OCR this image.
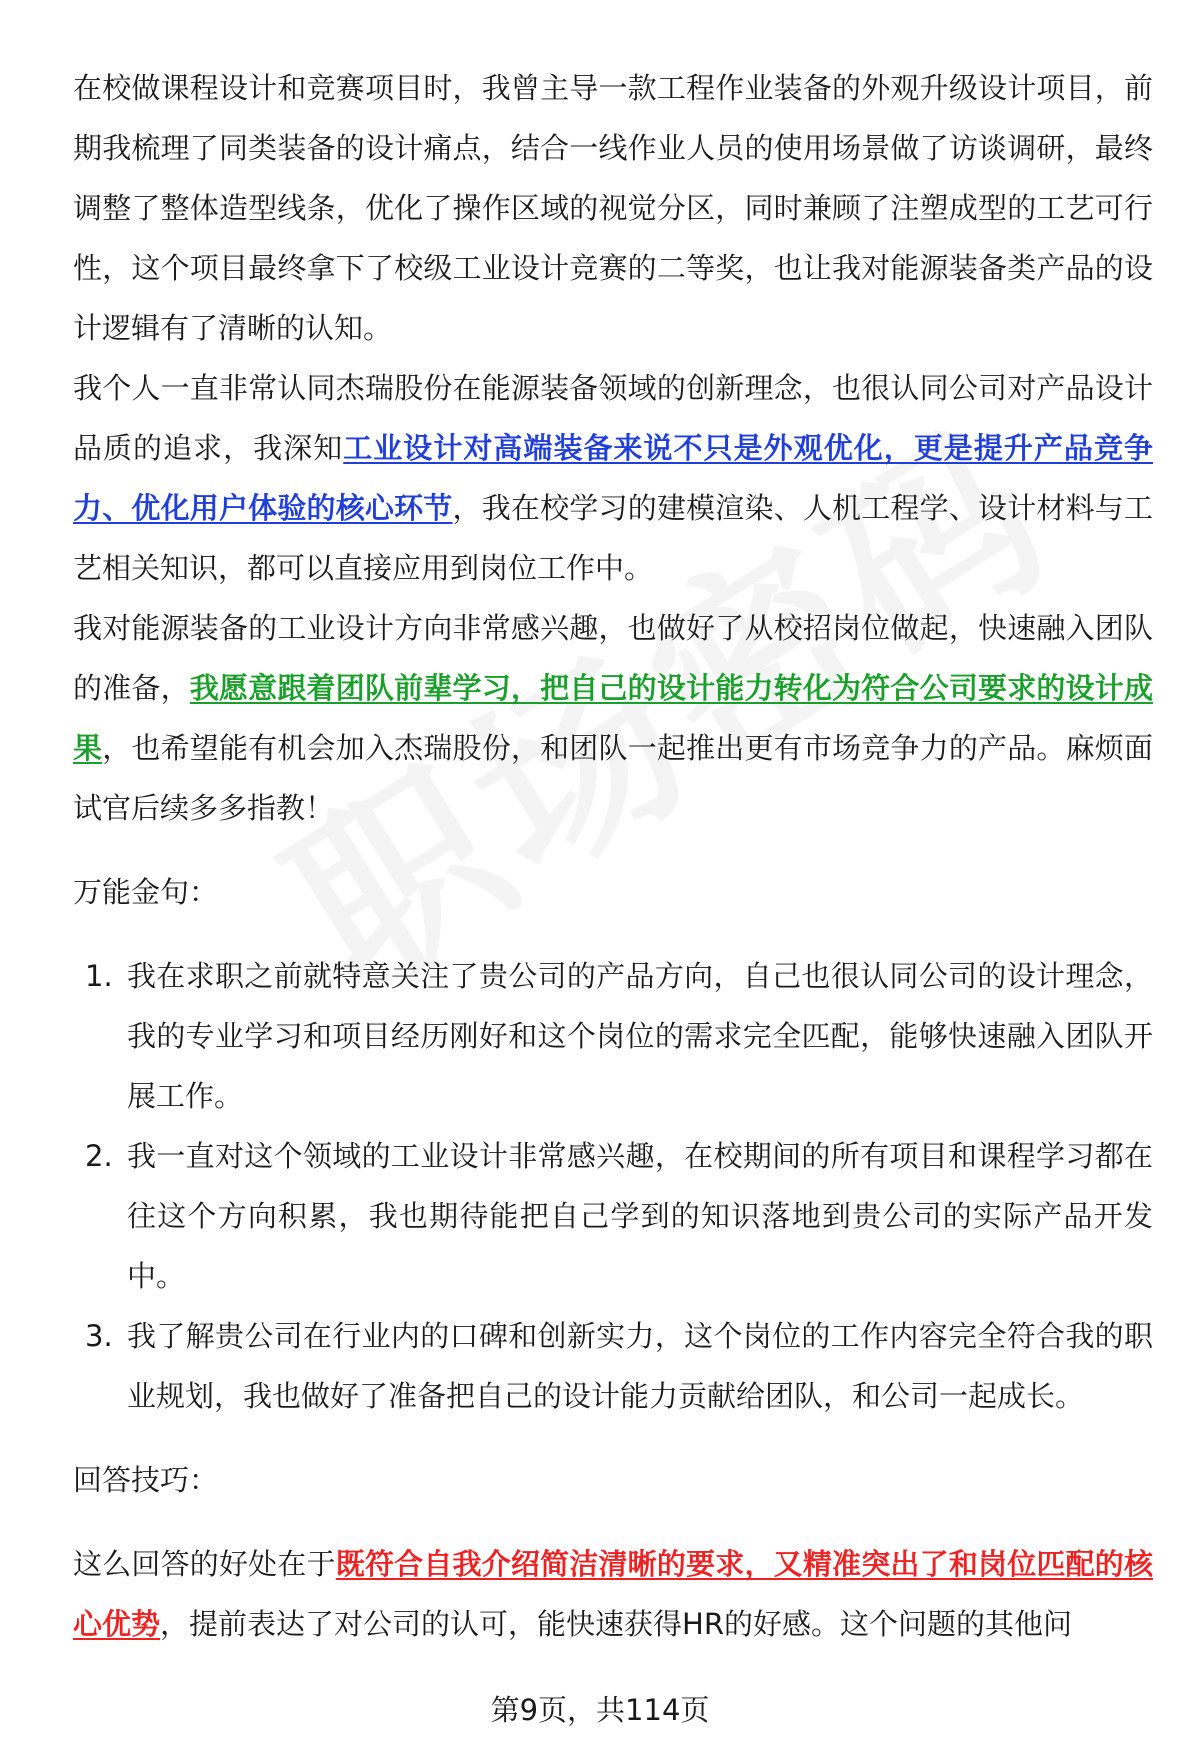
在校做课程设计和竞赛项目时，我曾主导一款工程作业装备的外观升级设计项目，前期我梳理了同类装备的设计痛点，结合一线作业人员的使用场景做了访谈调研，最终调整了整体造型线条，优化了操作区域的视觉分区，同时兼顾了注塑成型的工艺可行性，这个项目最终拿下了校级工业设计竞赛的二等奖，也让我对能源装备类产品的设计逻辑有了清晰的认知。

我个人一直非常认同杰瑞股份在能源装备领域的创新理念，也很认同公司对产品设计品质的追求，我深知工业设计对高端装备来说不只是外观优化，更是提升产品竞争力、优化用户体验的核心环节，我在校学习的建模渲染、人机工程学、设计材料与工艺相关知识，都可以直接应用到岗位工作中。

我对能源装备的工业设计方向非常感兴趣，也做好了从校招岗位做起，快速融入团队的准备，我愿意跟着团队前辈学习，把自己的设计能力转化为符合公司要求的设计成果，也希望能有机会加入杰瑞股份，和团队一起推出更有市场竞争力的产品。麻烦面试官后续多多指教！

万能金句：

1. 我在求职之前就特意关注了贵公司的产品方向，自己也很认同公司的设计理念，我的专业学习和项目经历刚好和这个岗位的需求完全匹配，能够快速融入团队开展工作。
2. 我一直对这个领域的工业设计非常感兴趣，在校期间的所有项目和课程学习都在往这个方向积累，我也期待能把自己学到的知识落地到贵公司的实际产品开发中。
3. 我了解贵公司在行业内的口碑和创新实力，这个岗位的工作内容完全符合我的职业规划，我也做好了准备把自己的设计能力贡献给团队，和公司一起成长。

回答技巧：

这么回答的好处在于既符合自我介绍简洁清晰的要求，又精准突出了和岗位匹配的核心优势，提前表达了对公司的认可，能快速获得HR的好感。这个问题的其他问

第9页，共114页
